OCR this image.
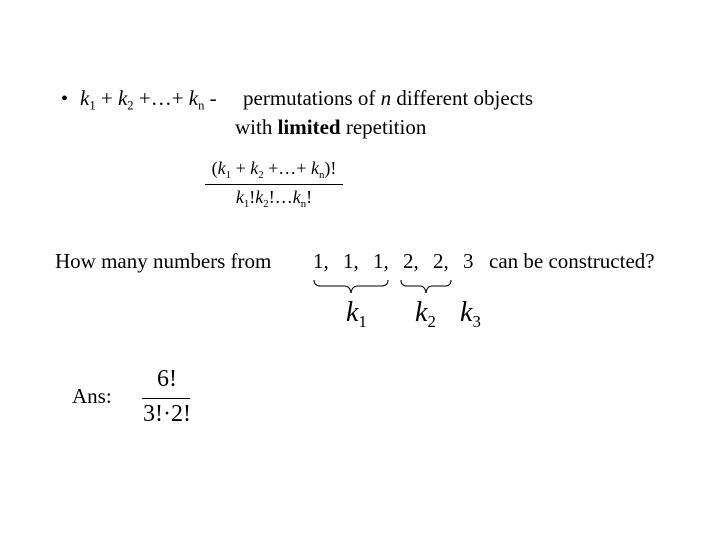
• $k_1 + k_2$ +…+ $k_n$ - permutations of n different objects
with limited repetition
($k_1 + k_2$ +…+ $k_n$)!
$k_1!k_2!\dots k_n$!
How many numbers from 1, 1, 1, 2, 2, 3 can be constructed?
$k_1$ $k_2$ $k_3$
Ans:
6!
3!·2!
